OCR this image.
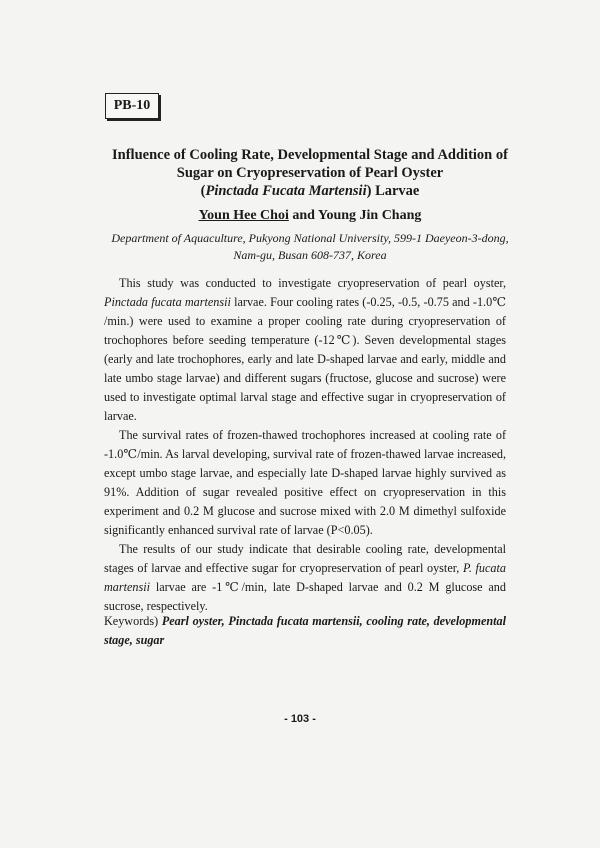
PB-10
Influence of Cooling Rate, Developmental Stage and Addition of
Sugar on Cryopreservation of Pearl Oyster
(Pinctada Fucata Martensii) Larvae
Youn Hee Choi and Young Jin Chang
Department of Aquaculture, Pukyong National University, 599-1 Daeyeon-3-dong,
Nam-gu, Busan 608-737, Korea

This study was conducted to investigate cryopreservation of pearl oyster, Pinctada fucata martensii larvae. Four cooling rates (-0.25, -0.5, -0.75 and -1.0℃ /min.) were used to examine a proper cooling rate during cryopreservation of trochophores before seeding temperature (-12℃). Seven developmental stages (early and late trochophores, early and late D-shaped larvae and early, middle and late umbo stage larvae) and different sugars (fructose, glucose and sucrose) were used to investigate optimal larval stage and effective sugar in cryopreservation of larvae.

The survival rates of frozen-thawed trochophores increased at cooling rate of -1.0℃/min. As larval developing, survival rate of frozen-thawed larvae increased, except umbo stage larvae, and especially late D-shaped larvae highly survived as 91%. Addition of sugar revealed positive effect on cryopreservation in this experiment and 0.2 M glucose and sucrose mixed with 2.0 M dimethyl sulfoxide significantly enhanced survival rate of larvae (P<0.05).

The results of our study indicate that desirable cooling rate, developmental stages of larvae and effective sugar for cryopreservation of pearl oyster, P. fucata martensii larvae are -1℃/min, late D-shaped larvae and 0.2 M glucose and sucrose, respectively.

Keywords) Pearl oyster, Pinctada fucata martensii, cooling rate, developmental stage, sugar
- 103 -
